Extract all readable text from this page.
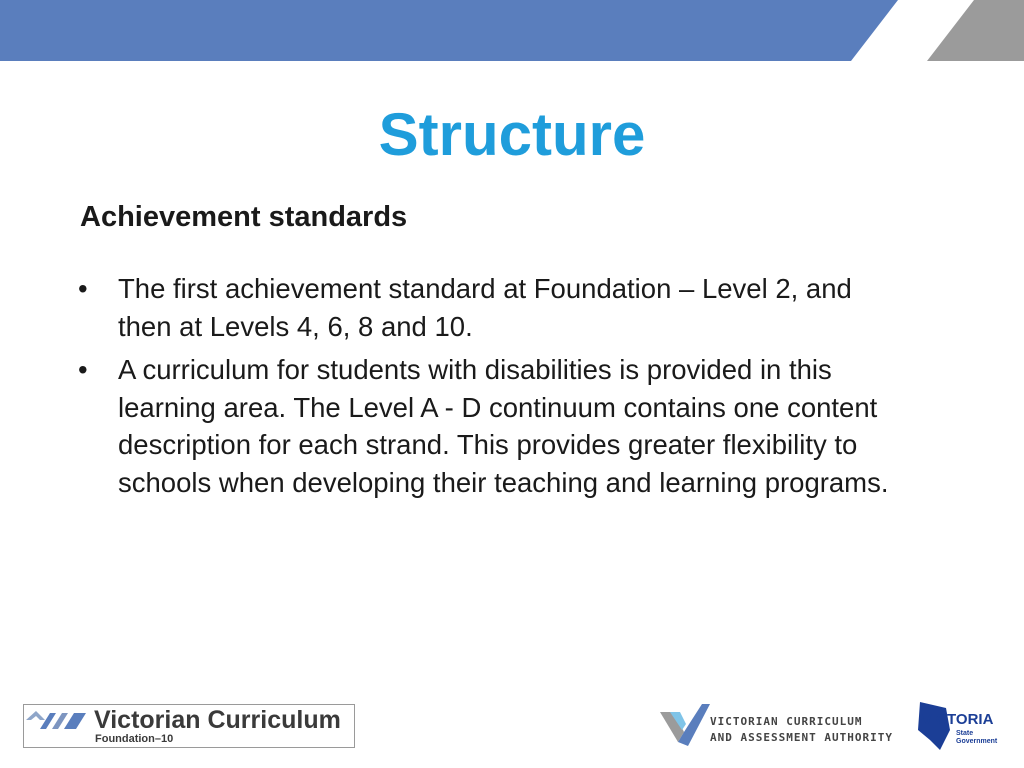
Structure
Achievement standards
• The first achievement standard at Foundation – Level 2, and then at Levels 4, 6, 8 and 10.
• A curriculum for students with disabilities is provided in this learning area. The Level A - D continuum contains one content description for each strand. This provides greater flexibility to schools when developing their teaching and learning programs.
Victorian Curriculum
Foundation–10
VICTORIAN CURRICULUM
AND ASSESSMENT AUTHORITY
VICTORIA
State
Government
